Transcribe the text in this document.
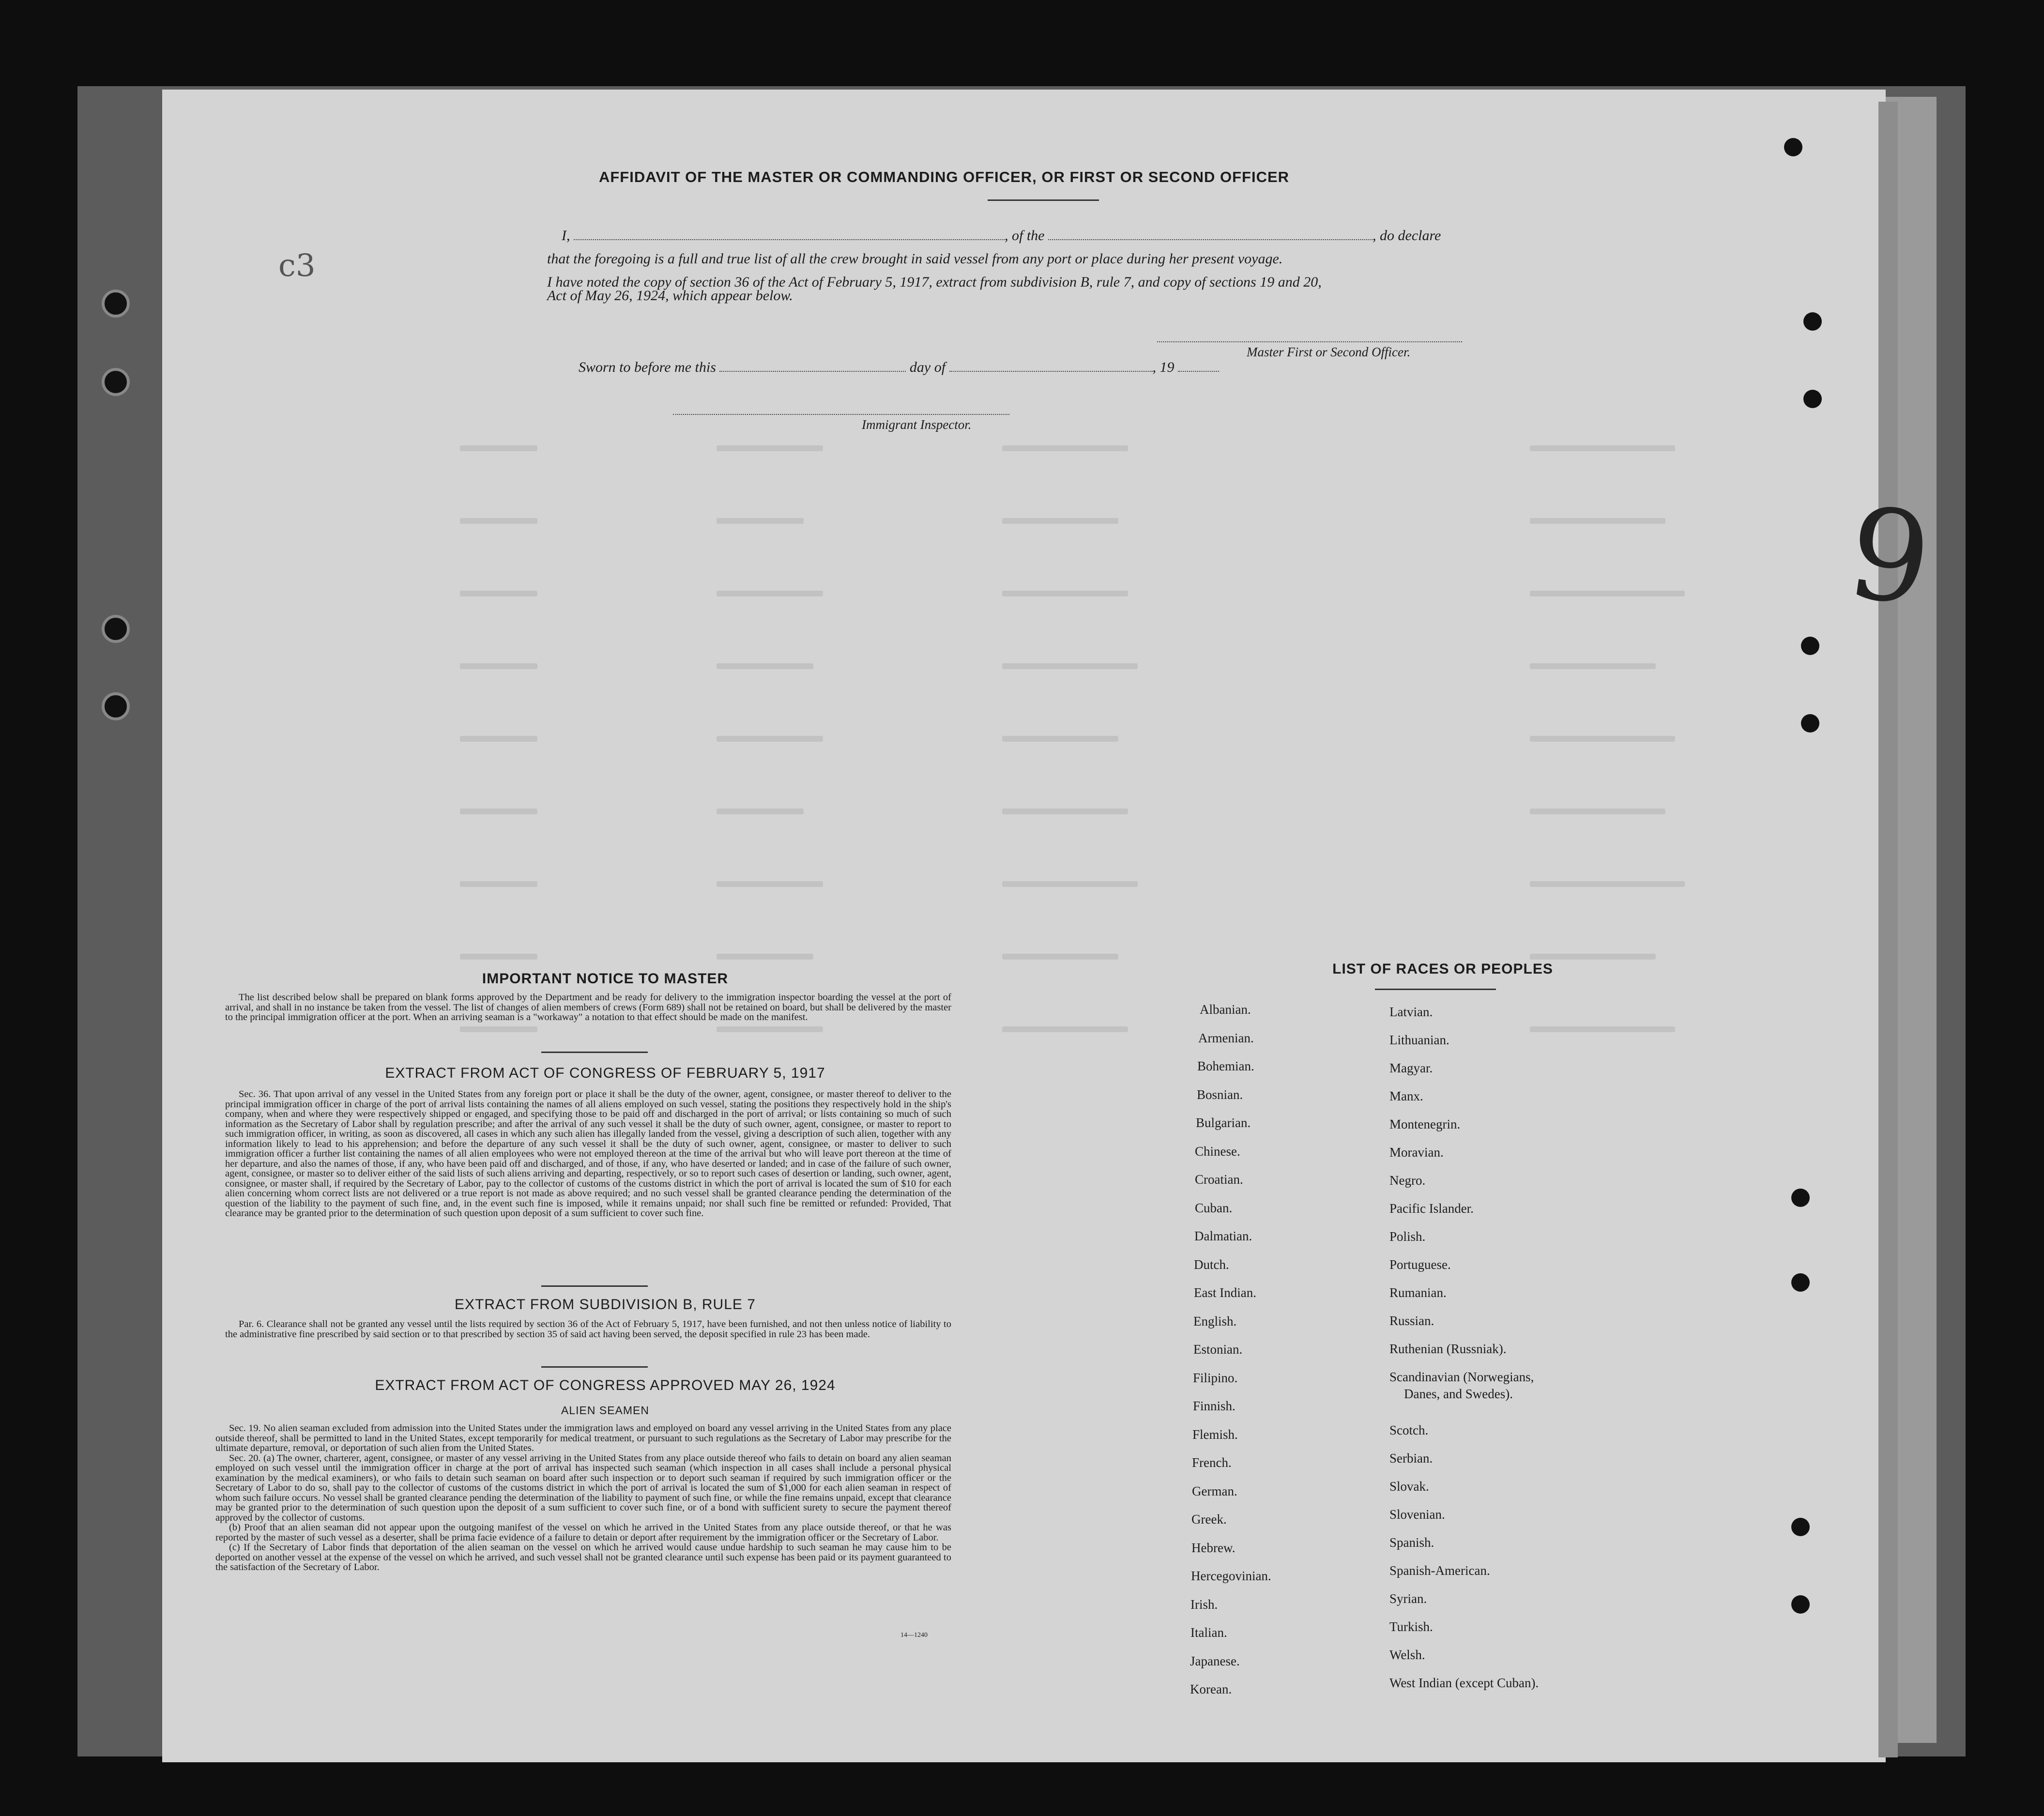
9
c3
AFFIDAVIT OF THE MASTER OR COMMANDING OFFICER, OR FIRST OR SECOND OFFICER
I,	, of the	, do declare
that the foregoing is a full and true list of all the crew brought in said vessel from any port or place during her present voyage.
I have noted the copy of section 36 of the Act of February 5, 1917, extract from subdivision B, rule 7, and copy of sections 19 and 20,
Act of May 26, 1924, which appear below.
Master First or Second Officer.
Sworn to before me this	day of	, 19
Immigrant Inspector.
IMPORTANT NOTICE TO MASTER

The list described below shall be prepared on blank forms approved by the Department and be ready for delivery to the immigration inspector boarding the vessel at the port of arrival, and shall in no instance be taken from the vessel. The list of changes of alien members of crews (Form 689) shall not be retained on board, but shall be delivered by the master to the principal immigration officer at the port. When an arriving seaman is a "workaway" a notation to that effect should be made on the manifest.

EXTRACT FROM ACT OF CONGRESS OF FEBRUARY 5, 1917

Sec. 36. That upon arrival of any vessel in the United States from any foreign port or place it shall be the duty of the owner, agent, consignee, or master thereof to deliver to the principal immigration officer in charge of the port of arrival lists containing the names of all aliens employed on such vessel, stating the positions they respectively hold in the ship's company, when and where they were respectively shipped or engaged, and specifying those to be paid off and discharged in the port of arrival; or lists containing so much of such information as the Secretary of Labor shall by regulation prescribe; and after the arrival of any such vessel it shall be the duty of such owner, agent, consignee, or master to report to such immigration officer, in writing, as soon as discovered, all cases in which any such alien has illegally landed from the vessel, giving a description of such alien, together with any information likely to lead to his apprehension; and before the departure of any such vessel it shall be the duty of such owner, agent, consignee, or master to deliver to such immigration officer a further list containing the names of all alien employees who were not employed thereon at the time of the arrival but who will leave port thereon at the time of her departure, and also the names of those, if any, who have been paid off and discharged, and of those, if any, who have deserted or landed; and in case of the failure of such owner, agent, consignee, or master so to deliver either of the said lists of such aliens arriving and departing, respectively, or so to report such cases of desertion or landing, such owner, agent, consignee, or master shall, if required by the Secretary of Labor, pay to the collector of customs of the customs district in which the port of arrival is located the sum of $10 for each alien concerning whom correct lists are not delivered or a true report is not made as above required; and no such vessel shall be granted clearance pending the determination of the question of the liability to the payment of such fine, and, in the event such fine is imposed, while it remains unpaid; nor shall such fine be remitted or refunded: Provided, That clearance may be granted prior to the determination of such question upon deposit of a sum sufficient to cover such fine.

EXTRACT FROM SUBDIVISION B, RULE 7

Par. 6. Clearance shall not be granted any vessel until the lists required by section 36 of the Act of February 5, 1917, have been furnished, and not then unless notice of liability to the administrative fine prescribed by said section or to that prescribed by section 35 of said act having been served, the deposit specified in rule 23 has been made.

EXTRACT FROM ACT OF CONGRESS APPROVED MAY 26, 1924
ALIEN SEAMEN

Sec. 19. No alien seaman excluded from admission into the United States under the immigration laws and employed on board any vessel arriving in the United States from any place outside thereof, shall be permitted to land in the United States, except temporarily for medical treatment, or pursuant to such regulations as the Secretary of Labor may prescribe for the ultimate departure, removal, or deportation of such alien from the United States.

Sec. 20. (a) The owner, charterer, agent, consignee, or master of any vessel arriving in the United States from any place outside thereof who fails to detain on board any alien seaman employed on such vessel until the immigration officer in charge at the port of arrival has inspected such seaman (which inspection in all cases shall include a personal physical examination by the medical examiners), or who fails to detain such seaman on board after such inspection or to deport such seaman if required by such immigration officer or the Secretary of Labor to do so, shall pay to the collector of customs of the customs district in which the port of arrival is located the sum of $1,000 for each alien seaman in respect of whom such failure occurs. No vessel shall be granted clearance pending the determination of the liability to payment of such fine, or while the fine remains unpaid, except that clearance may be granted prior to the determination of such question upon the deposit of a sum sufficient to cover such fine, or of a bond with sufficient surety to secure the payment thereof approved by the collector of customs.

(b) Proof that an alien seaman did not appear upon the outgoing manifest of the vessel on which he arrived in the United States from any place outside thereof, or that he was reported by the master of such vessel as a deserter, shall be prima facie evidence of a failure to detain or deport after requirement by the immigration officer or the Secretary of Labor.

(c) If the Secretary of Labor finds that deportation of the alien seaman on the vessel on which he arrived would cause undue hardship to such seaman he may cause him to be deported on another vessel at the expense of the vessel on which he arrived, and such vessel shall not be granted clearance until such expense has been paid or its payment guaranteed to the satisfaction of the Secretary of Labor.

14—1240
LIST OF RACES OR PEOPLES
Albanian.
Armenian.
Bohemian.
Bosnian.
Bulgarian.
Chinese.
Croatian.
Cuban.
Dalmatian.
Dutch.
East Indian.
English.
Estonian.
Filipino.
Finnish.
Flemish.
French.
German.
Greek.
Hebrew.
Hercegovinian.
Irish.
Italian.
Japanese.
Korean.
Latvian.
Lithuanian.
Magyar.
Manx.
Montenegrin.
Moravian.
Negro.
Pacific Islander.
Polish.
Portuguese.
Rumanian.
Russian.
Ruthenian (Russniak).
Scandinavian (Norwegians,
Danes, and Swedes).
Scotch.
Serbian.
Slovak.
Slovenian.
Spanish.
Spanish-American.
Syrian.
Turkish.
Welsh.
West Indian (except Cuban).
